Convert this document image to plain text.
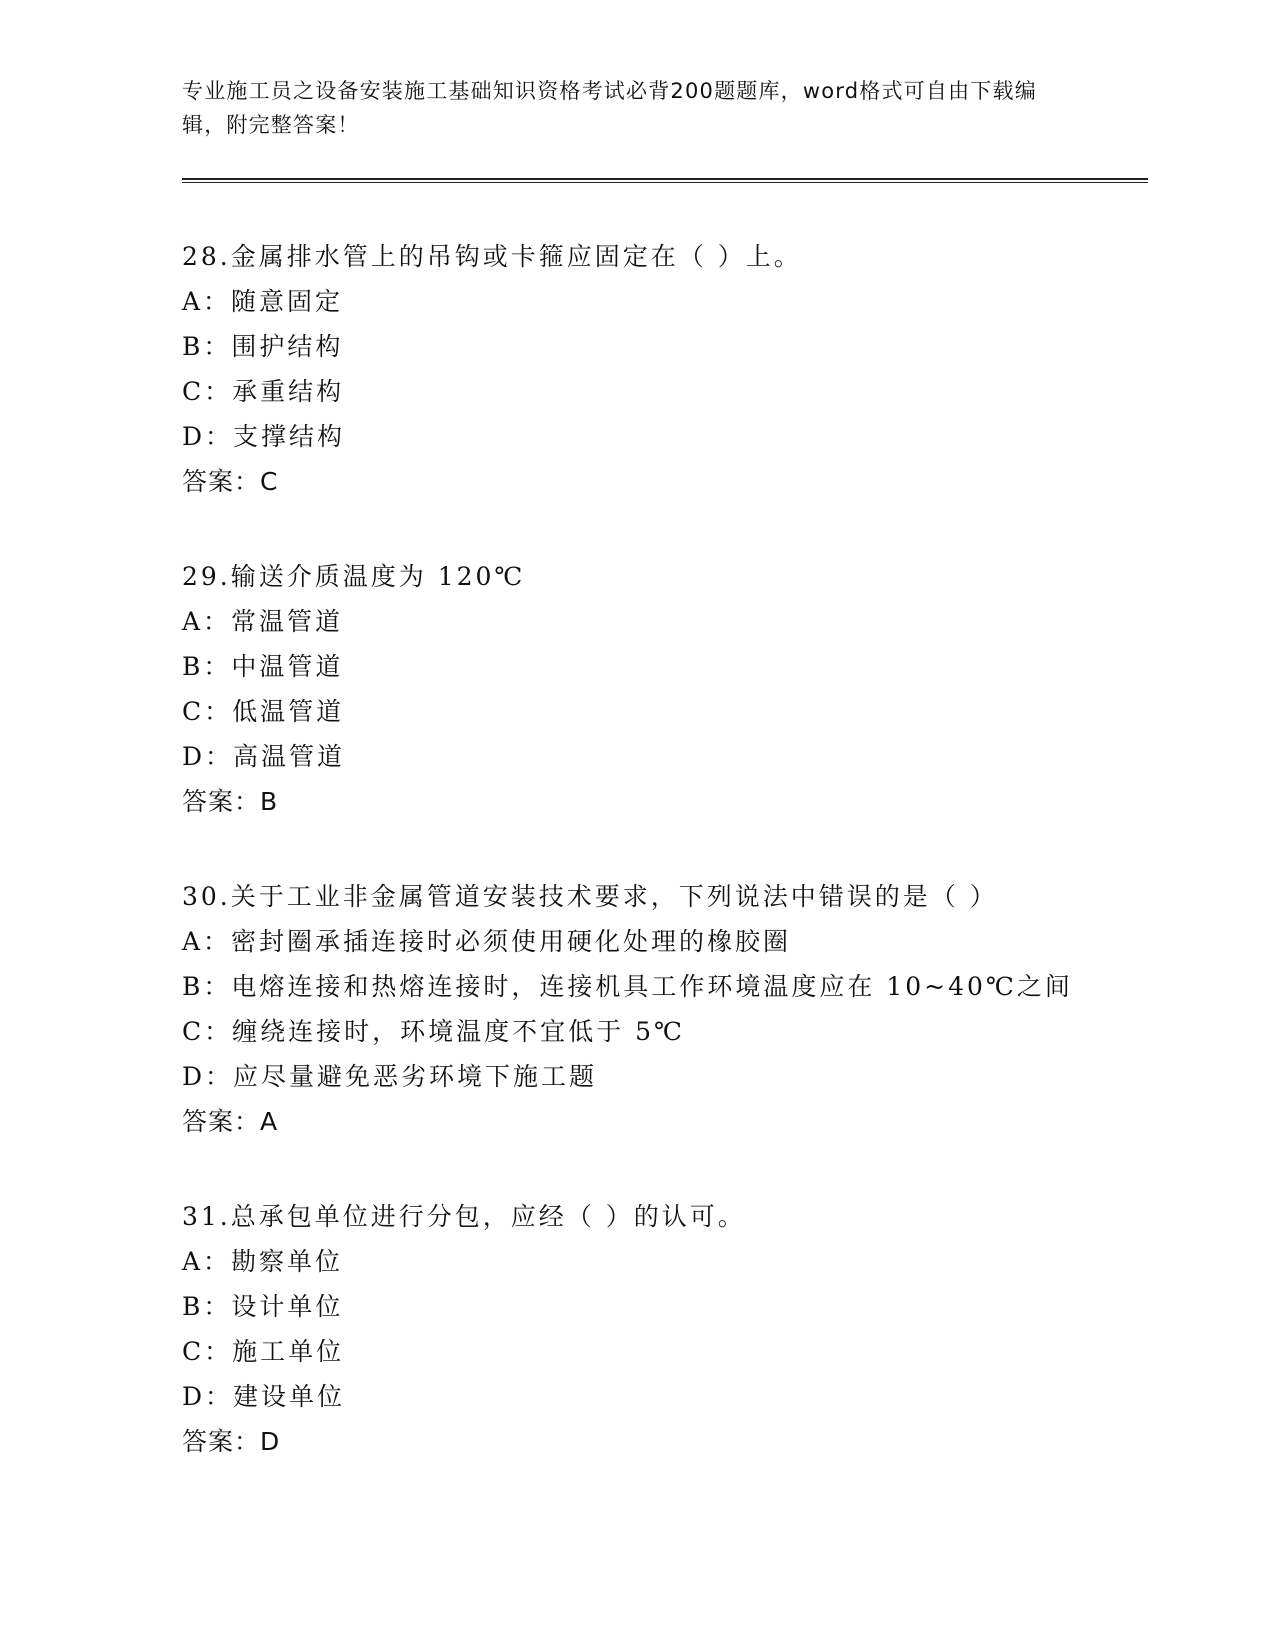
专业施工员之设备安装施工基础知识资格考试必背200题题库，word格式可自由下载编辑，附完整答案！
28.金属排水管上的吊钩或卡箍应固定在（ ）上。
A：随意固定
B：围护结构
C：承重结构
D：支撑结构
答案：C
29.输送介质温度为 120℃
A：常温管道
B：中温管道
C：低温管道
D：高温管道
答案：B
30.关于工业非金属管道安装技术要求，下列说法中错误的是（ ）
A：密封圈承插连接时必须使用硬化处理的橡胶圈
B：电熔连接和热熔连接时，连接机具工作环境温度应在 10~40℃之间
C：缠绕连接时，环境温度不宜低于 5℃
D：应尽量避免恶劣环境下施工题
答案：A
31.总承包单位进行分包，应经（ ）的认可。
A：勘察单位
B：设计单位
C：施工单位
D：建设单位
答案：D
